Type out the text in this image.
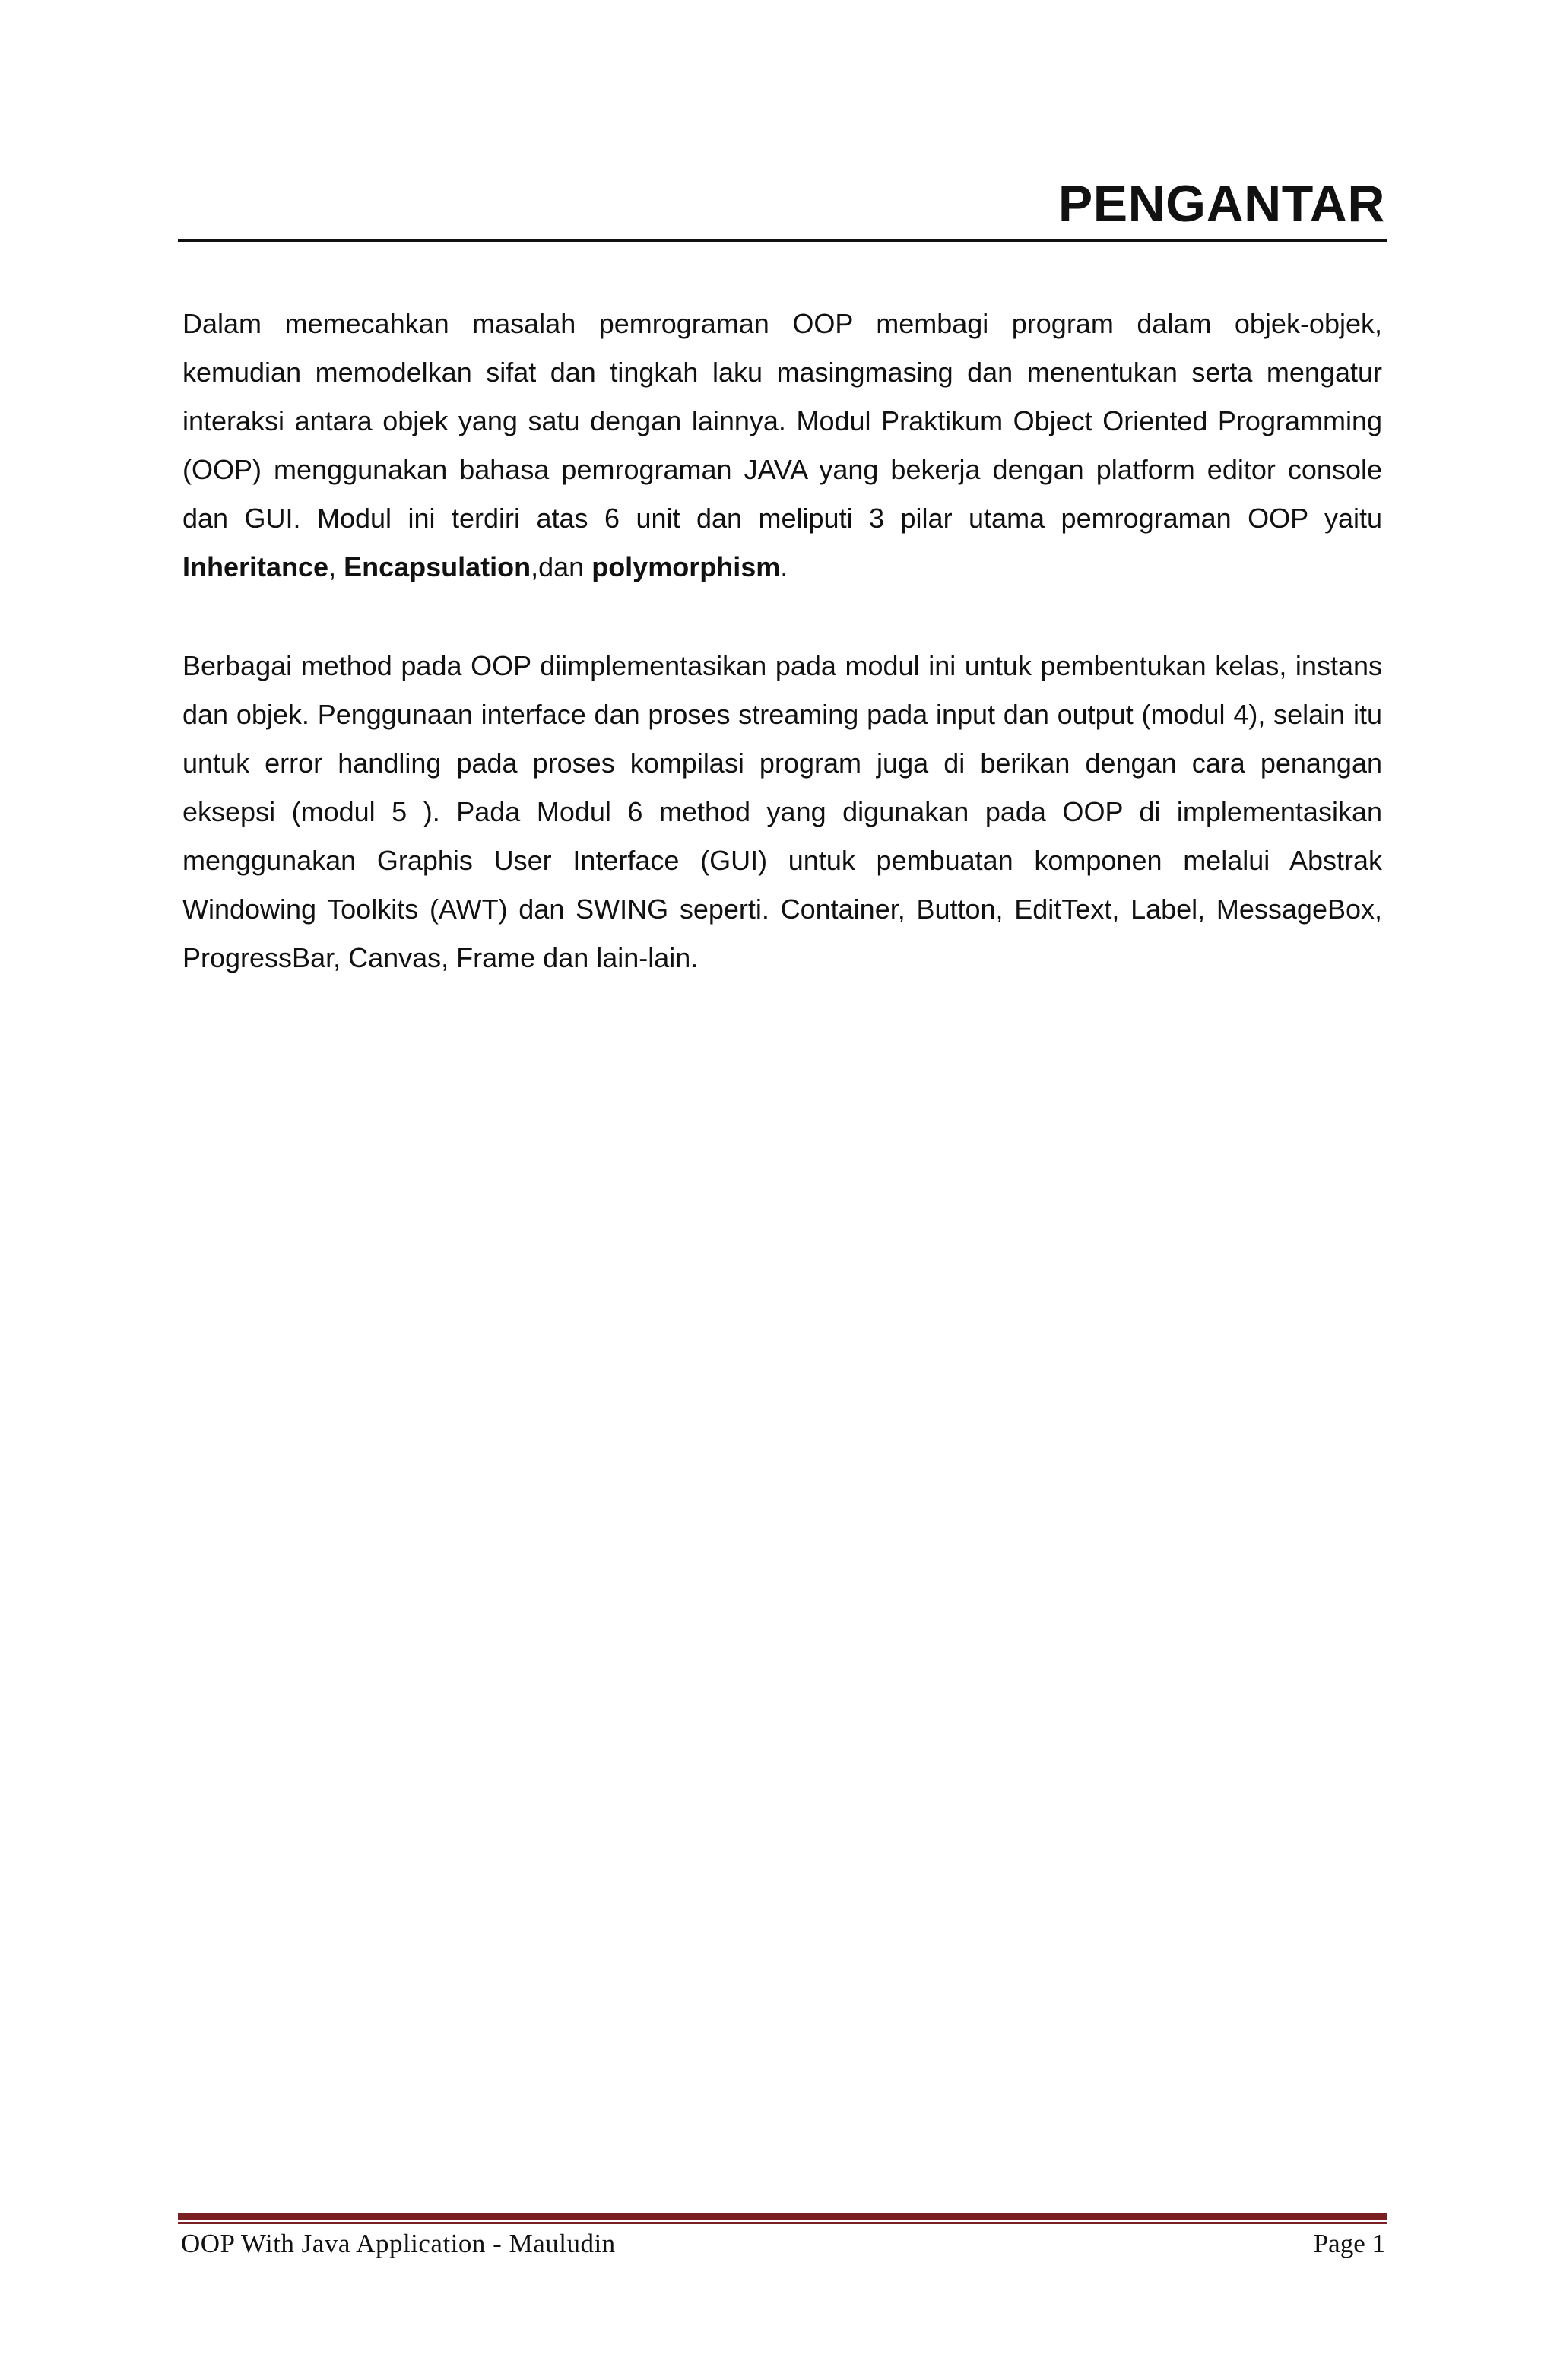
PENGANTAR

Dalam memecahkan masalah pemrograman OOP membagi program dalam objek-objek, kemudian memodelkan sifat dan tingkah laku masingmasing dan menentukan serta mengatur interaksi antara objek yang satu dengan lainnya. Modul Praktikum Object Oriented Programming (OOP) menggunakan bahasa pemrograman JAVA yang bekerja dengan platform editor console dan GUI. Modul ini terdiri atas 6 unit dan meliputi 3 pilar utama pemrograman OOP yaitu Inheritance, Encapsulation,dan polymorphism.

Berbagai method pada OOP diimplementasikan pada modul ini untuk pembentukan kelas, instans dan objek. Penggunaan interface dan proses streaming pada input dan output (modul 4), selain itu untuk error handling pada proses kompilasi program juga di berikan dengan cara penangan eksepsi (modul 5 ). Pada Modul 6 method yang digunakan pada OOP di implementasikan menggunakan Graphis User Interface (GUI) untuk pembuatan komponen melalui Abstrak Windowing Toolkits (AWT) dan SWING seperti. Container, Button, EditText, Label, MessageBox, ProgressBar, Canvas, Frame dan lain-lain.

OOP With Java Application - Mauludin	Page 1
